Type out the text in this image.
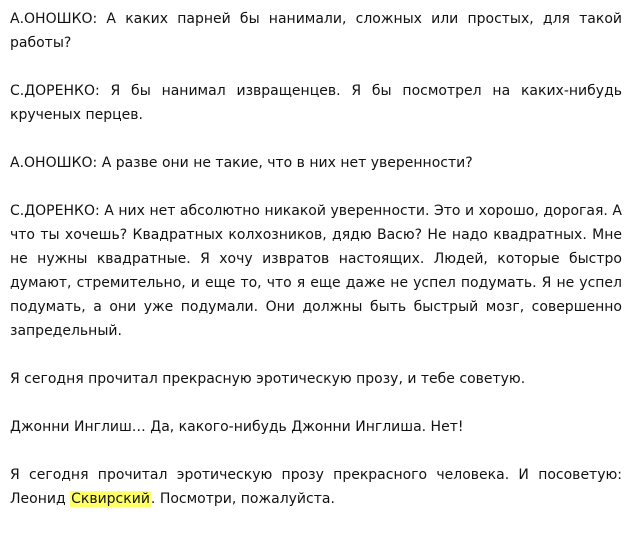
А.ОНОШКО: А каких парней бы нанимали, сложных или простых, для такой работы?

С.ДОРЕНКО: Я бы нанимал извращенцев. Я бы посмотрел на каких-нибудь крученых перцев.

А.ОНОШКО: А разве они не такие, что в них нет уверенности?

С.ДОРЕНКО: А них нет абсолютно никакой уверенности. Это и хорошо, дорогая. А что ты хочешь? Квадратных колхозников, дядю Васю? Не надо квадратных. Мне не нужны квадратные. Я хочу извратов настоящих. Людей, которые быстро думают, стремительно, и еще то, что я еще даже не успел подумать. Я не успел подумать, а они уже подумали. Они должны быть быстрый мозг, совершенно запредельный.

Я сегодня прочитал прекрасную эротическую прозу, и тебе советую.

Джонни Инглиш… Да, какого-нибудь Джонни Инглиша. Нет!

Я сегодня прочитал эротическую прозу прекрасного человека. И посоветую: Леонид Сквирский. Посмотри, пожалуйста.
